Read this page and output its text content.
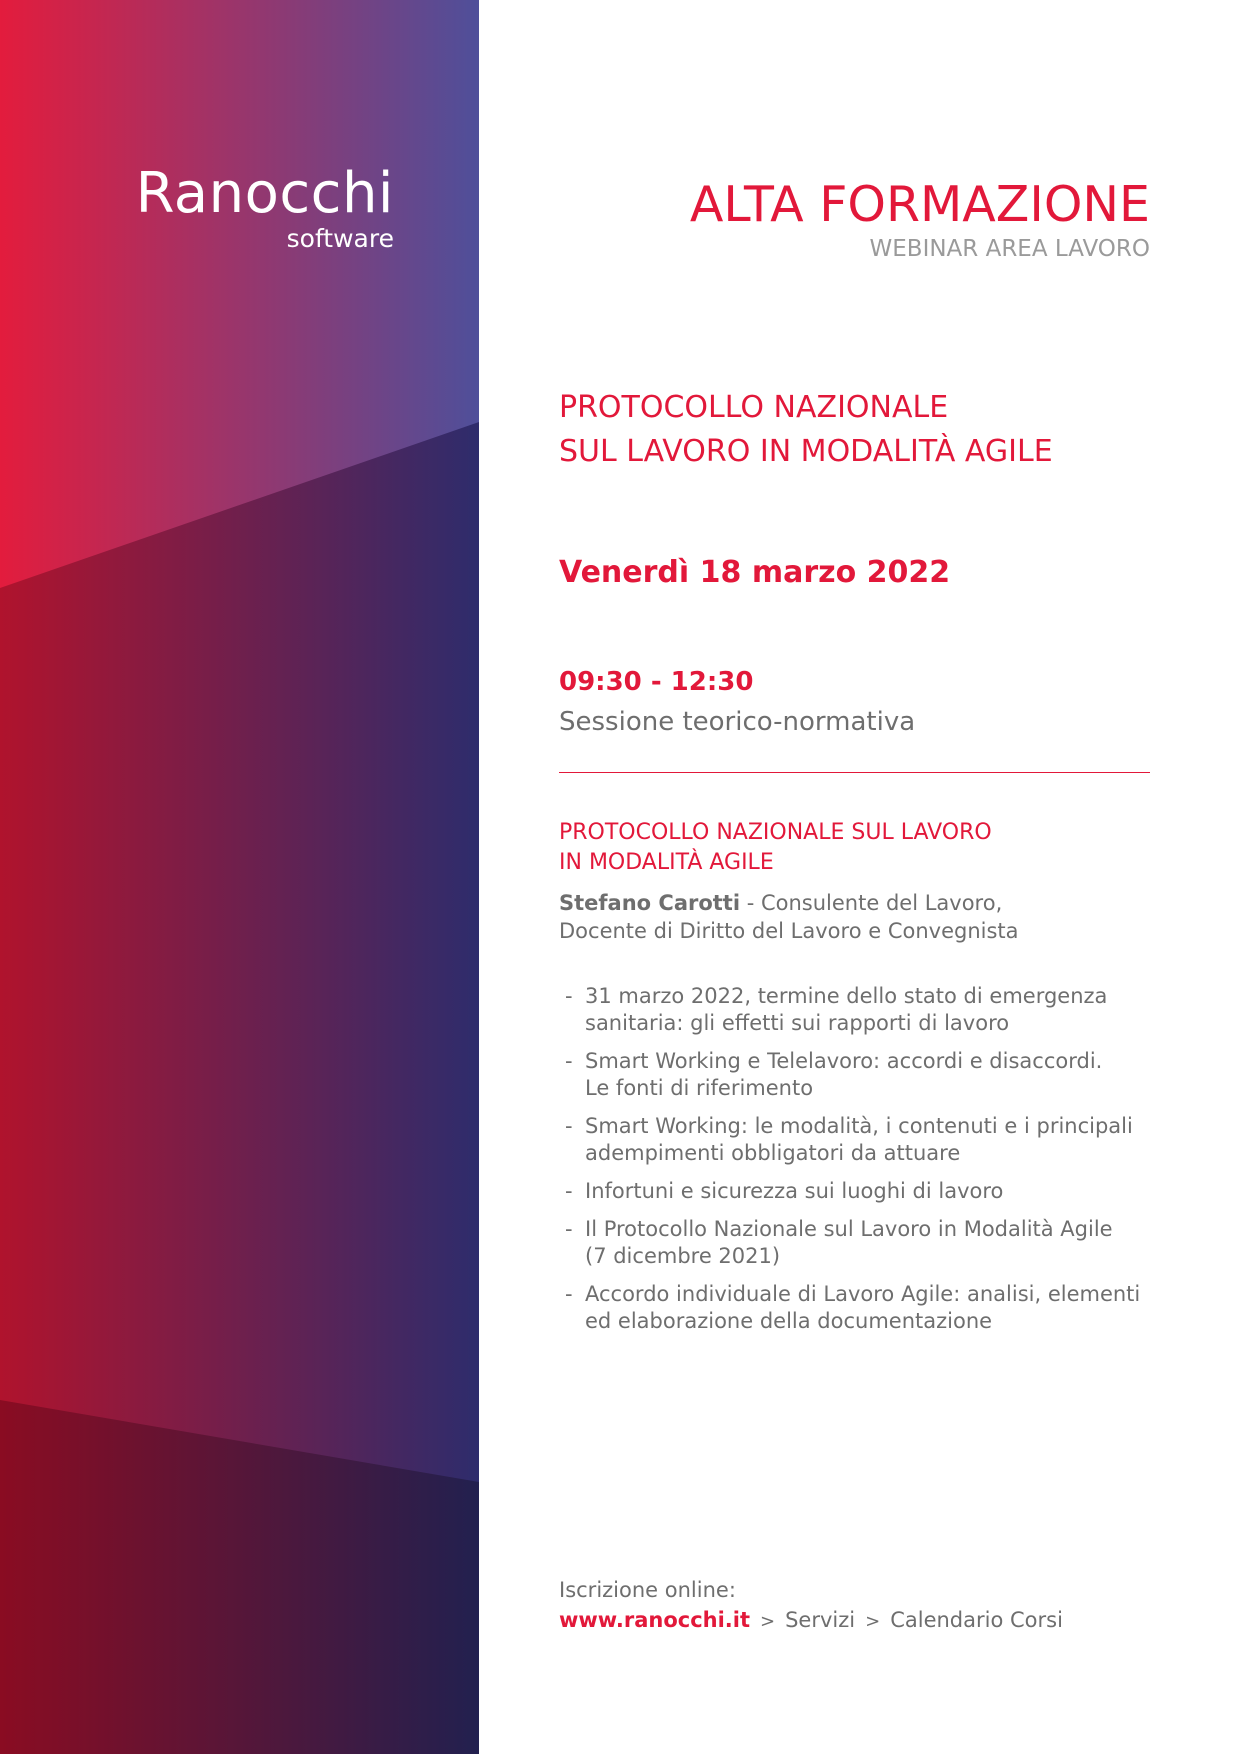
Ranocchi
software
ALTA FORMAZIONE
WEBINAR AREA LAVORO
PROTOCOLLO NAZIONALE
SUL LAVORO IN MODALITÀ AGILE
Venerdì 18 marzo 2022
09:30 - 12:30
Sessione teorico-normativa
PROTOCOLLO NAZIONALE SUL LAVORO
IN MODALITÀ AGILE
Stefano Carotti - Consulente del Lavoro,
Docente di Diritto del Lavoro e Convegnista
- 31 marzo 2022, termine dello stato di emergenza
sanitaria: gli effetti sui rapporti di lavoro
- Smart Working e Telelavoro: accordi e disaccordi.
Le fonti di riferimento
- Smart Working: le modalità, i contenuti e i principali
adempimenti obbligatori da attuare
- Infortuni e sicurezza sui luoghi di lavoro
- Il Protocollo Nazionale sul Lavoro in Modalità Agile
(7 dicembre 2021)
- Accordo individuale di Lavoro Agile: analisi, elementi
ed elaborazione della documentazione
Iscrizione online:
www.ranocchi.it > Servizi > Calendario Corsi
